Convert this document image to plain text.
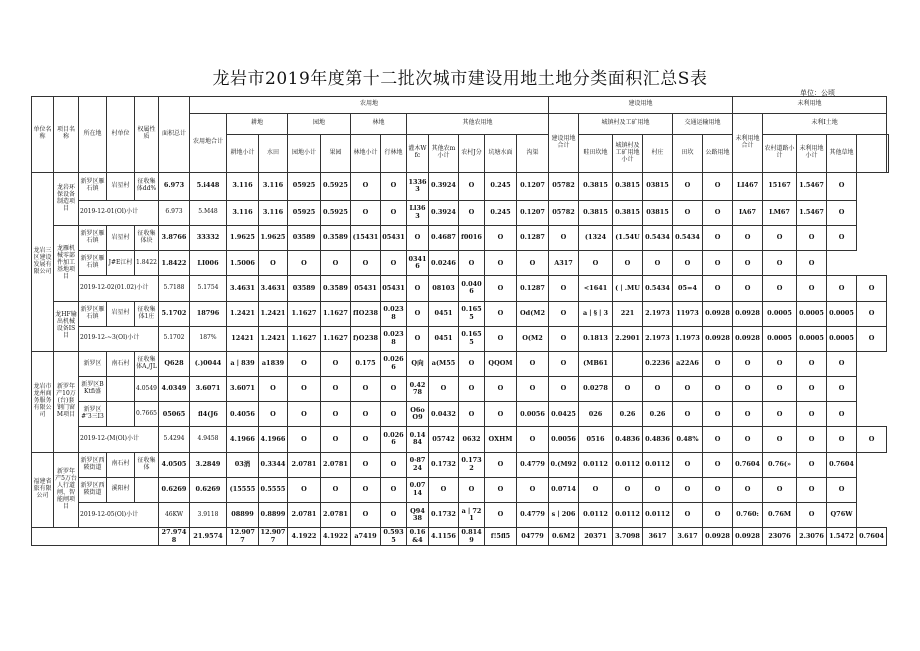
龙岩市2019年度第十二批次城市建设用地土地分类面积汇总S表
单位：公顷
单位名称	项目名称	所在地	村单位	权属性质	面积总计	农用地												建设用地						未利用地					
						农用地合计	耕地		园地		林地		其他农用地					建设用地合计	城镇村及工矿用地			交通运输用地		未利用地合计	未利I土地				
							耕地小计	水田	园地小计	果园	林地小计	行林地	灌木Wfc	其他农m小计	农村J分	坑塘水面	沟渠		畦田坎地	城镇村及工矿用地小计	村庄	田坎	公路用地		农村道路小计	未利用地小计	其他草地		
龙岩三区建设发展有限公司	龙岩环保设备制造项目	新罗区雁石镇	岩星村	征收集体dd%	6.973	5.i448	3.116	3.116	05925	0.5925	O	O	13363	0.3924	O	0.245	0.1207	05782	0.3815	0.3815	03815	O	O	LI467	15167	1.5467	O		
		2019-12-01(Ol)小计			6.973	5.M48	3.116	3.116	05925	0.5925	O	O	Ll363	0.3924	O	0.245	0.1207	05782	0.3815	0.3815	03815	O	O	IA67	LM67	1.5467	O		
	龙雁机械零部件加工基地项目	新罗区雁石镇	岩星村	征收集体块	3.8766	33332	1.9625	1.9625	03589	0.3589	(15431	05431	O	0.4687	f0016	O	0.1287	O	(1324	(1.54U	0.5434	0.5434	O	O	O	O	O		
		新罗区雁石镇	J#E江村	1.8422	1.8422	LI006	1.5006	O	O	O	O	O	03416	0.0246	O	O	O	A317	O	O	O	O	O	O	O	O			
		2019-12-02(01.02)小计			5.7188	5.1754	3.4631	3.4631	03589	0.3589	05431	05431	O	08103	0.0406	O	0.1287	O	<1641	(丨.MU	0.5434	05=4	O	O	O	O	O	O	
	龙HF输出机械设备IS目	新罗区雁石镇	岩星村	征收集体1庄	5.1702	18796	1.2421	1.2421	1.1627	1.1627	fIO238	0.0238	O	0451	0.1655	O	Od(M2	O	a丨§丨3	221	2.1973	11973	0.0928	0.0928	0.0005	0.0005	0.0005	O	
		2019-12-~3(Ol)小计			5.1702	187%	12421	1.2421	1.1627	1.1627	f)O238	0.0238	O	0451	0.1655	O	O(M2	O	0.1813	2.2901	2.1973	1.1973	0.0928	0.0928	0.0005	0.0005	0.0005	O	
龙岩市龙州商务服务有限公司	新罗年产10万(台)套钢门窗M项目	新罗区	南石村	征收集体A,/JL	Q628	(.)0044	a丨839	a1839	O	O	0.175	0.0266	Q向	a(M55	O	QQOM	O	O	(MB61		0.2236	a22A6	O	O	O	O	O		
		新罗区BKtfi盛		4.0549	4.0349	3.6071	3.6071	O	O	O	O	O	0.4278	O	O	O	O	O	0.0278	O	O	O	O	O	O	O	O		
		新罗区#'3三I3		0.7665	05065	fl4(J6	0.4056	O	O	O	O	O	O6oO9	0.0432	O	O	0.0056	0.0425	026	0.26	0.26	O	O	O	O	O	O		
		2019-12-(M(Ol)小计			5.4294	4.9458	4.1966	4.1966	O	O	O	0.0266	0.1484	05742	0632	OXHM	O	0.0056	0516	0.4836	0.4836	0.48%	O	O	O	O	O	O	
福建省旅有限公司	新罗年产5万台人行道闸、智能闸项目	新罗区西陂街道	南石村	征收集体	4.0505	3.2849	03消	0.3344	2.0781	2.0781	O	O	0·8724	0.1732	0.1732	O	0.4779	0.(M92	0.0112	0.0112	0.0112	O	O	0.7604	0.76(»	O	0.7604		
		新罗区西陂街道	溪阳村		0.6269	0.6269	(15555	0.5555	O	O	O	O	0.0714	O	O	O	O	0.0714	O	O	O	O	O	O	O	O	O		
		2019-12-05(Ol)小计			46KW	3.9118	08899	0.8899	2.0781	2.0781	O	O	Q9438	0.1732	a丨721	O	0.4779	s丨206	0.0112	0.0112	0.0112	O	O	0.760:	0.76M	O	Q76W		
					27.9748	21.9574	12.9077	12.9077	4.1922	4.1922	a7419	0.5935	0.16&4	4.1156	0.8149	f!5fl5	04779	0.6M2	20371	3.7098	3617	3.617	0.0928	0.0928	23076	2.3076	1.5472	0.7604	
